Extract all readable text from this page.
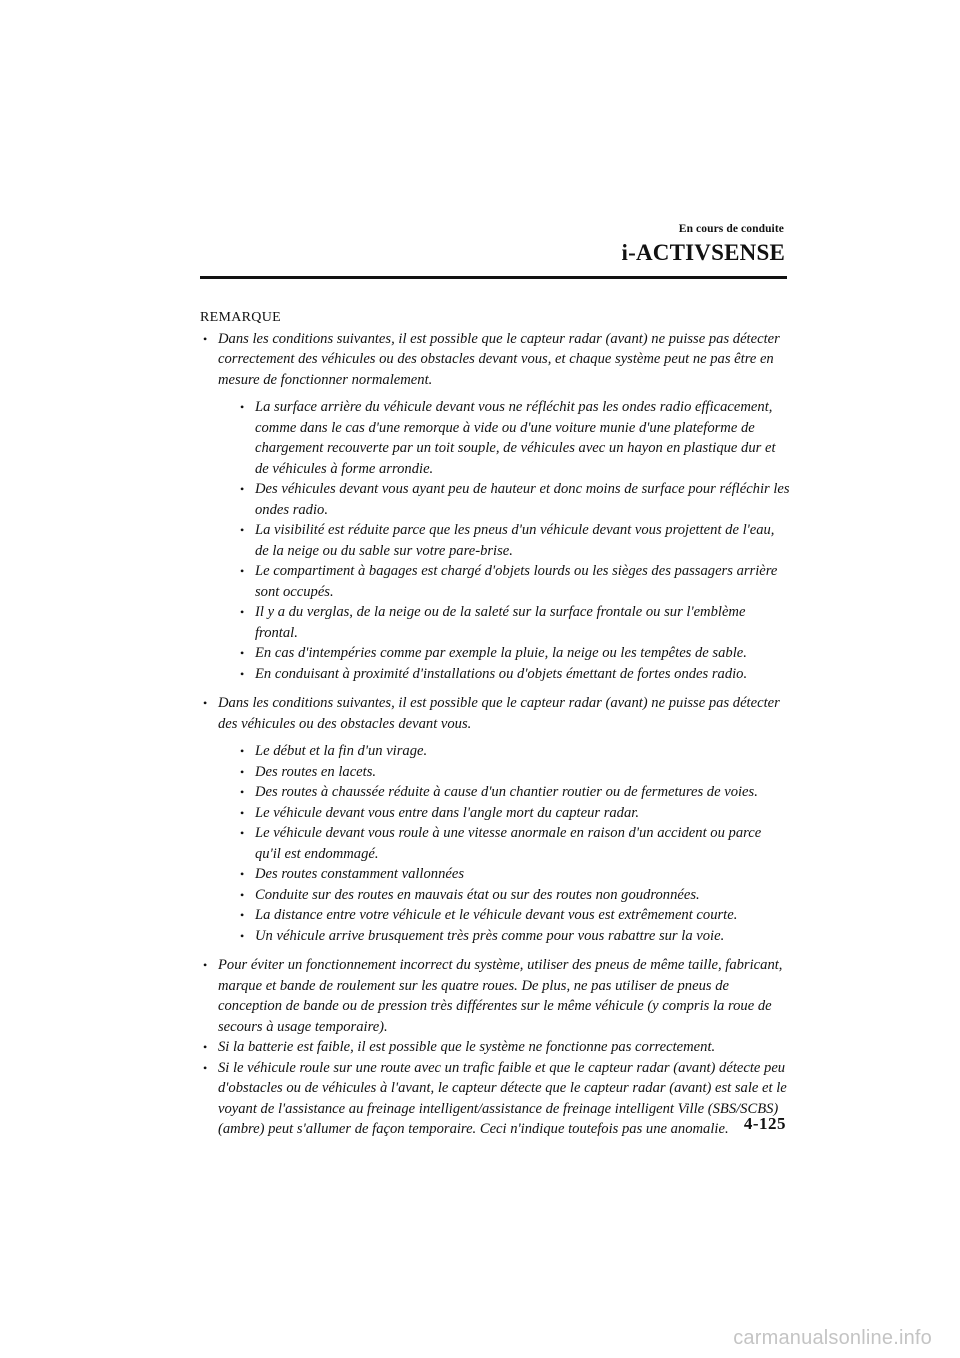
En cours de conduite
i-ACTIVSENSE
REMARQUE
• Dans les conditions suivantes, il est possible que le capteur radar (avant) ne puisse pas détecter correctement des véhicules ou des obstacles devant vous, et chaque système peut ne pas être en mesure de fonctionner normalement.
• La surface arrière du véhicule devant vous ne réfléchit pas les ondes radio efficacement, comme dans le cas d'une remorque à vide ou d'une voiture munie d'une plateforme de chargement recouverte par un toit souple, de véhicules avec un hayon en plastique dur et de véhicules à forme arrondie.
• Des véhicules devant vous ayant peu de hauteur et donc moins de surface pour réfléchir les ondes radio.
• La visibilité est réduite parce que les pneus d'un véhicule devant vous projettent de l'eau, de la neige ou du sable sur votre pare-brise.
• Le compartiment à bagages est chargé d'objets lourds ou les sièges des passagers arrière sont occupés.
• Il y a du verglas, de la neige ou de la saleté sur la surface frontale ou sur l'emblème frontal.
• En cas d'intempéries comme par exemple la pluie, la neige ou les tempêtes de sable.
• En conduisant à proximité d'installations ou d'objets émettant de fortes ondes radio.
• Dans les conditions suivantes, il est possible que le capteur radar (avant) ne puisse pas détecter des véhicules ou des obstacles devant vous.
• Le début et la fin d'un virage.
• Des routes en lacets.
• Des routes à chaussée réduite à cause d'un chantier routier ou de fermetures de voies.
• Le véhicule devant vous entre dans l'angle mort du capteur radar.
• Le véhicule devant vous roule à une vitesse anormale en raison d'un accident ou parce qu'il est endommagé.
• Des routes constamment vallonnées
• Conduite sur des routes en mauvais état ou sur des routes non goudronnées.
• La distance entre votre véhicule et le véhicule devant vous est extrêmement courte.
• Un véhicule arrive brusquement très près comme pour vous rabattre sur la voie.
• Pour éviter un fonctionnement incorrect du système, utiliser des pneus de même taille, fabricant, marque et bande de roulement sur les quatre roues. De plus, ne pas utiliser de pneus de conception de bande ou de pression très différentes sur le même véhicule (y compris la roue de secours à usage temporaire).
• Si la batterie est faible, il est possible que le système ne fonctionne pas correctement.
• Si le véhicule roule sur une route avec un trafic faible et que le capteur radar (avant) détecte peu d'obstacles ou de véhicules à l'avant, le capteur détecte que le capteur radar (avant) est sale et le voyant de l'assistance au freinage intelligent/assistance de freinage intelligent Ville (SBS/SCBS) (ambre) peut s'allumer de façon temporaire. Ceci n'indique toutefois pas une anomalie. 4-125
carmanualsonline.info
